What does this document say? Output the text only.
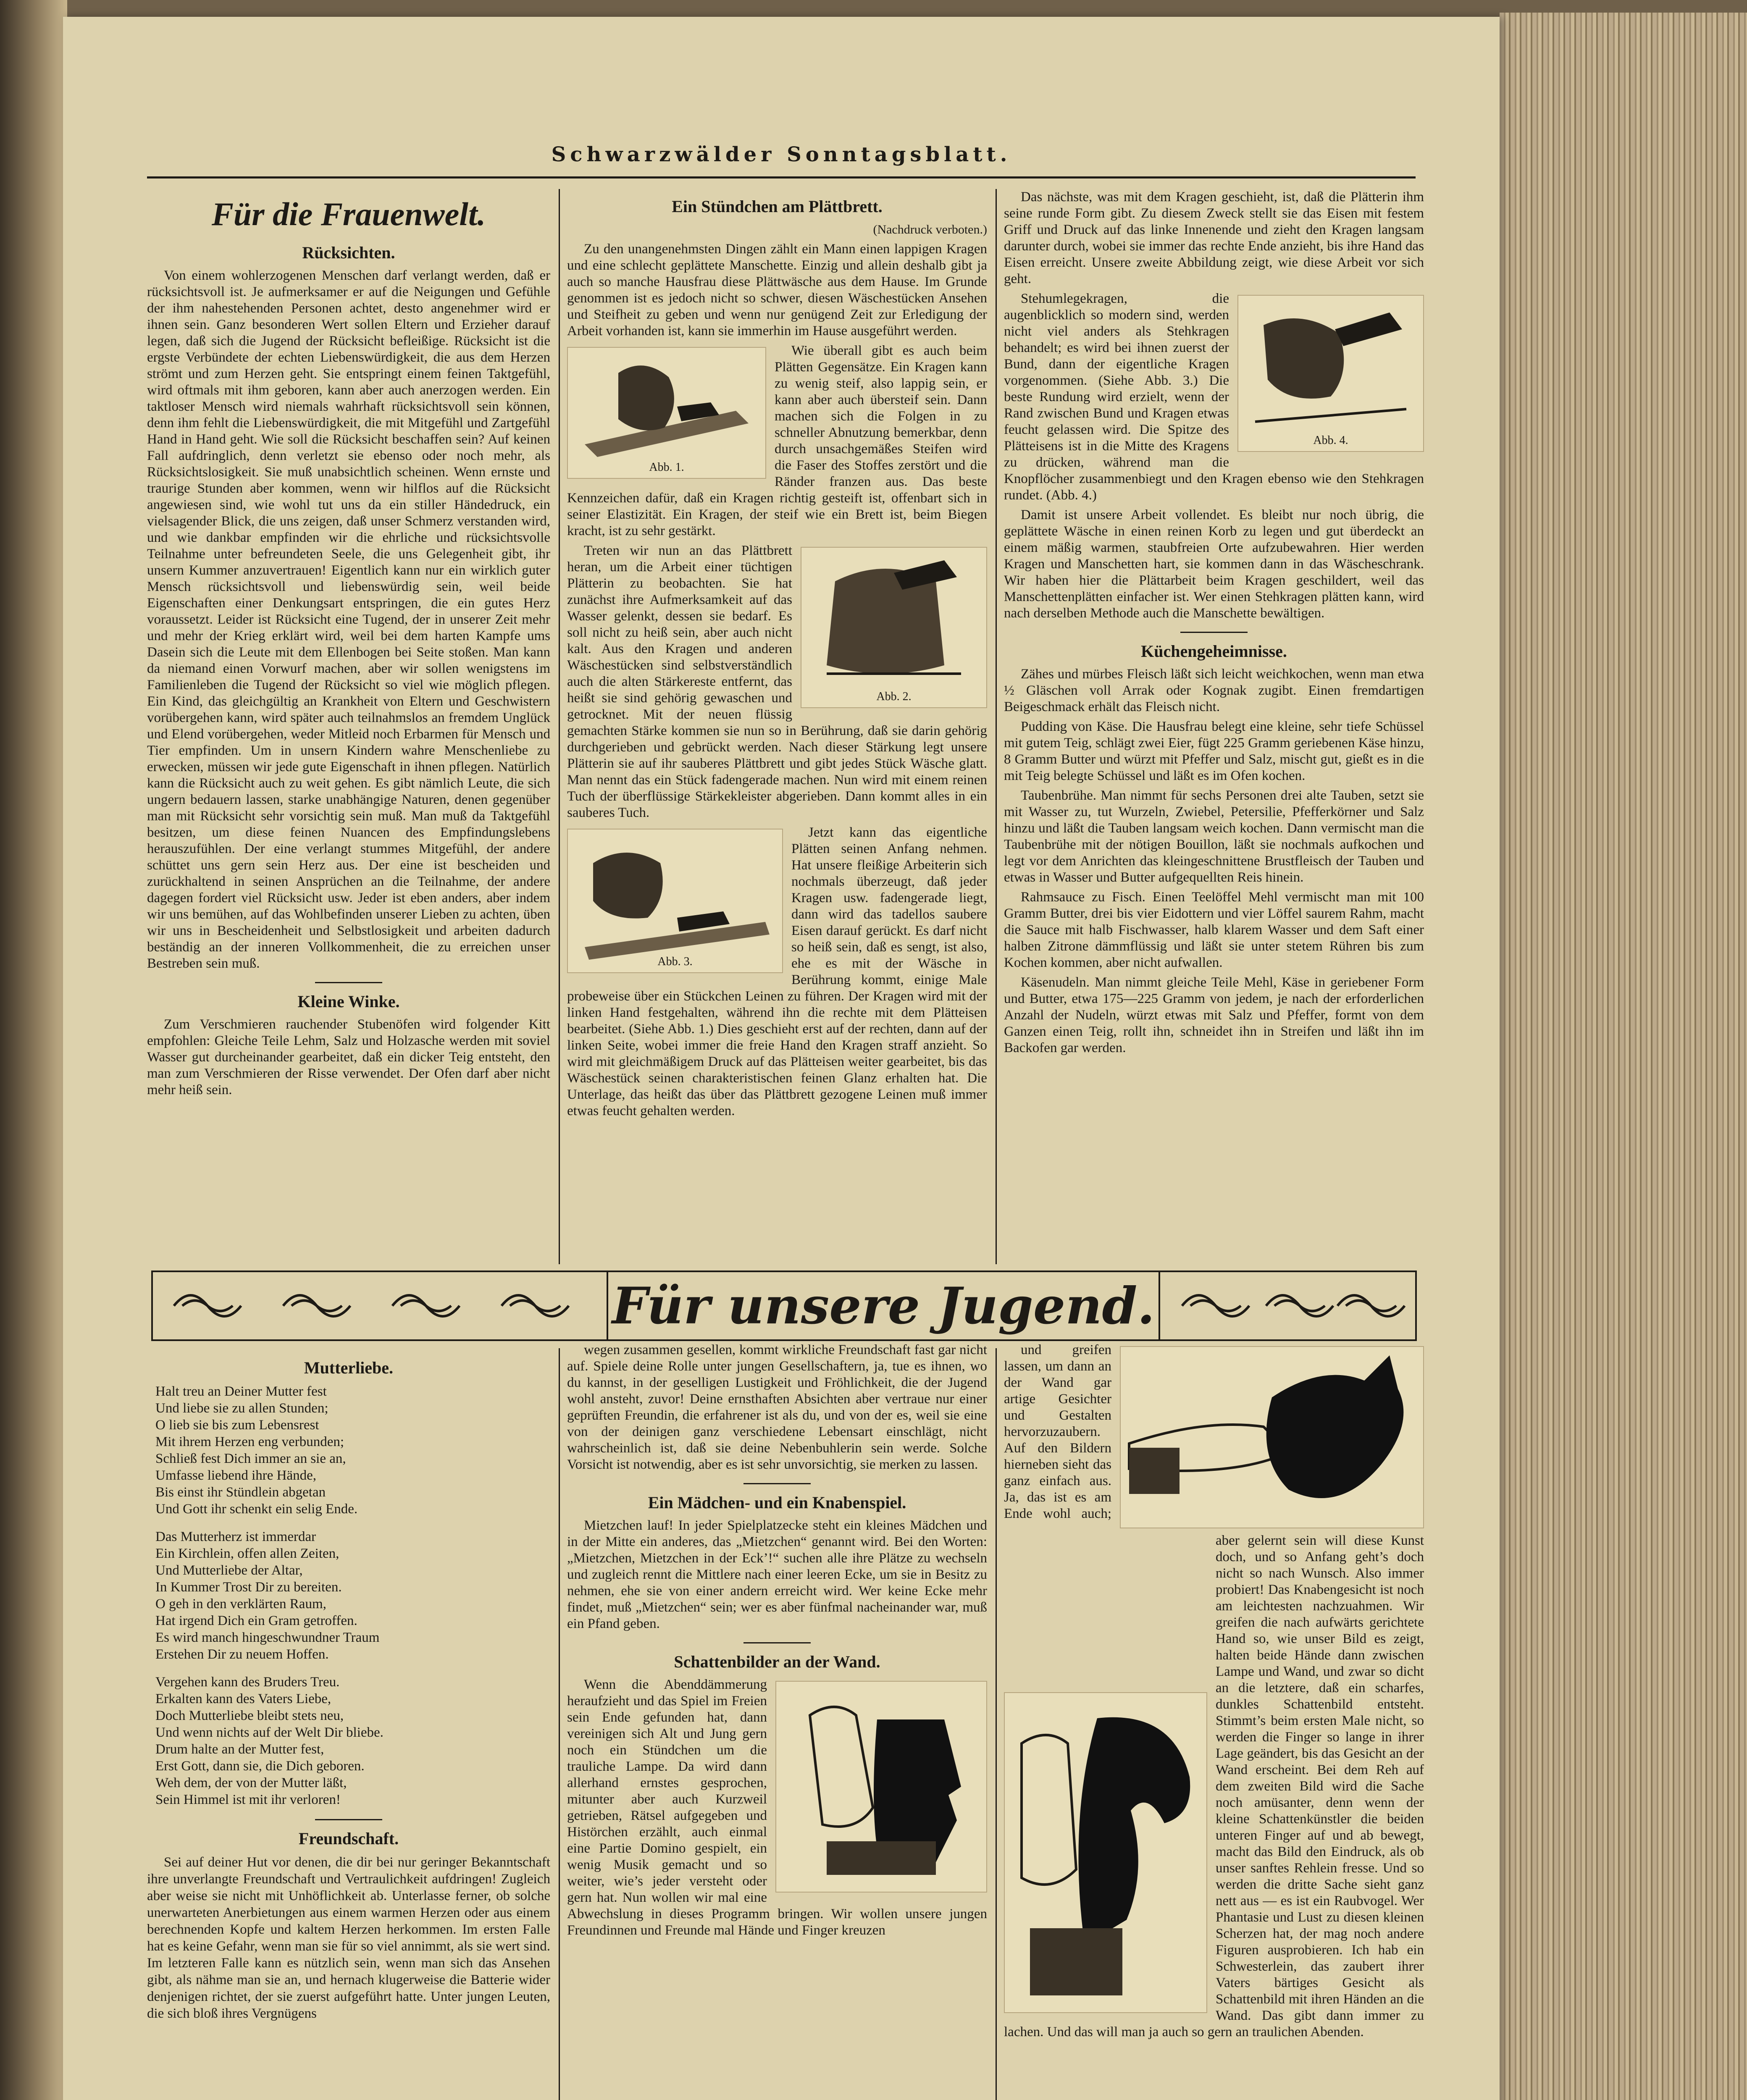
Schwarzwälder Sonntagsblatt.
Für die Frauenwelt.
Rücksichten.

Von einem wohlerzogenen Menschen darf verlangt werden, daß er rücksichtsvoll ist. Je aufmerksamer er auf die Neigungen und Gefühle der ihm nahestehenden Personen achtet, desto angenehmer wird er ihnen sein. Ganz besonderen Wert sollen Eltern und Erzieher darauf legen, daß sich die Jugend der Rücksicht befleißige. Rücksicht ist die ergste Verbündete der echten Liebenswürdigkeit, die aus dem Herzen strömt und zum Herzen geht. Sie entspringt einem feinen Taktgefühl, wird oftmals mit ihm geboren, kann aber auch anerzogen werden. Ein taktloser Mensch wird niemals wahrhaft rücksichtsvoll sein können, denn ihm fehlt die Liebenswürdigkeit, die mit Mitgefühl und Zartgefühl Hand in Hand geht. Wie soll die Rücksicht beschaffen sein? Auf keinen Fall aufdringlich, denn verletzt sie ebenso oder noch mehr, als Rücksichtslosigkeit. Sie muß unabsichtlich scheinen. Wenn ernste und traurige Stunden aber kommen, wenn wir hilflos auf die Rücksicht angewiesen sind, wie wohl tut uns da ein stiller Händedruck, ein vielsagender Blick, die uns zeigen, daß unser Schmerz verstanden wird, und wie dankbar empfinden wir die ehrliche und rücksichtsvolle Teilnahme unter befreundeten Seele, die uns Gelegenheit gibt, ihr unsern Kummer anzuvertrauen! Eigentlich kann nur ein wirklich guter Mensch rücksichtsvoll und liebenswürdig sein, weil beide Eigenschaften einer Denkungsart entspringen, die ein gutes Herz voraussetzt. Leider ist Rücksicht eine Tugend, der in unserer Zeit mehr und mehr der Krieg erklärt wird, weil bei dem harten Kampfe ums Dasein sich die Leute mit dem Ellenbogen bei Seite stoßen. Man kann da niemand einen Vorwurf machen, aber wir sollen wenigstens im Familienleben die Tugend der Rücksicht so viel wie möglich pflegen. Ein Kind, das gleichgültig an Krankheit von Eltern und Geschwistern vorübergehen kann, wird später auch teilnahmslos an fremdem Unglück und Elend vorübergehen, weder Mitleid noch Erbarmen für Mensch und Tier empfinden. Um in unsern Kindern wahre Menschenliebe zu erwecken, müssen wir jede gute Eigenschaft in ihnen pflegen. Natürlich kann die Rücksicht auch zu weit gehen. Es gibt nämlich Leute, die sich ungern bedauern lassen, starke unabhängige Naturen, denen gegenüber man mit Rücksicht sehr vorsichtig sein muß. Man muß da Taktgefühl besitzen, um diese feinen Nuancen des Empfindungslebens herauszufühlen. Der eine verlangt stummes Mitgefühl, der andere schüttet uns gern sein Herz aus. Der eine ist bescheiden und zurückhaltend in seinen Ansprüchen an die Teilnahme, der andere dagegen fordert viel Rücksicht usw. Jeder ist eben anders, aber indem wir uns bemühen, auf das Wohlbefinden unserer Lieben zu achten, üben wir uns in Bescheidenheit und Selbstlosigkeit und arbeiten dadurch beständig an der inneren Vollkommenheit, die zu erreichen unser Bestreben sein muß.

Kleine Winke.

Zum Verschmieren rauchender Stubenöfen wird folgender Kitt empfohlen: Gleiche Teile Lehm, Salz und Holzasche werden mit soviel Wasser gut durcheinander gearbeitet, daß ein dicker Teig entsteht, den man zum Verschmieren der Risse verwendet. Der Ofen darf aber nicht mehr heiß sein.

Ein Stündchen am Plättbrett.
(Nachdruck verboten.)

Zu den unangenehmsten Dingen zählt ein Mann einen lappigen Kragen und eine schlecht geplättete Manschette. Einzig und allein deshalb gibt ja auch so manche Hausfrau diese Plättwäsche aus dem Hause. Im Grunde genommen ist es jedoch nicht so schwer, diesen Wäschestücken Ansehen und Steifheit zu geben und wenn nur genügend Zeit zur Erledigung der Arbeit vorhanden ist, kann sie immerhin im Hause ausgeführt werden.

Abb. 1.

Wie überall gibt es auch beim Plätten Gegensätze. Ein Kragen kann zu wenig steif, also lappig sein, er kann aber auch übersteif sein. Dann machen sich die Folgen in zu schneller Abnutzung bemerkbar, denn durch unsachgemäßes Steifen wird die Faser des Stoffes zerstört und die Ränder franzen aus. Das beste Kennzeichen dafür, daß ein Kragen richtig gesteift ist, offenbart sich in seiner Elastizität. Ein Kragen, der steif wie ein Brett ist, beim Biegen kracht, ist zu sehr gestärkt.

Abb. 2.

Treten wir nun an das Plättbrett heran, um die Arbeit einer tüchtigen Plätterin zu beobachten. Sie hat zunächst ihre Aufmerksamkeit auf das Wasser gelenkt, dessen sie bedarf. Es soll nicht zu heiß sein, aber auch nicht kalt. Aus den Kragen und anderen Wäschestücken sind selbstverständlich auch die alten Stärkereste entfernt, das heißt sie sind gehörig gewaschen und getrocknet. Mit der neuen flüssig gemachten Stärke kommen sie nun so in Berührung, daß sie darin gehörig durchgerieben und gebrückt werden. Nach dieser Stärkung legt unsere Plätterin sie auf ihr sauberes Plättbrett und gibt jedes Stück Wäsche glatt. Man nennt das ein Stück fadengerade machen. Nun wird mit einem reinen Tuch der überflüssige Stärkekleister abgerieben. Dann kommt alles in ein sauberes Tuch.

Abb. 3.

Jetzt kann das eigentliche Plätten seinen Anfang nehmen. Hat unsere fleißige Arbeiterin sich nochmals überzeugt, daß jeder Kragen usw. fadengerade liegt, dann wird das tadellos saubere Eisen darauf gerückt. Es darf nicht so heiß sein, daß es sengt, ist also, ehe es mit der Wäsche in Berührung kommt, einige Male probeweise über ein Stückchen Leinen zu führen. Der Kragen wird mit der linken Hand festgehalten, während ihn die rechte mit dem Plätteisen bearbeitet. (Siehe Abb. 1.) Dies geschieht erst auf der rechten, dann auf der linken Seite, wobei immer die freie Hand den Kragen straff anzieht. So wird mit gleichmäßigem Druck auf das Plätteisen weiter gearbeitet, bis das Wäschestück seinen charakteristischen feinen Glanz erhalten hat. Die Unterlage, das heißt das über das Plättbrett gezogene Leinen muß immer etwas feucht gehalten werden.

Das nächste, was mit dem Kragen geschieht, ist, daß die Plätterin ihm seine runde Form gibt. Zu diesem Zweck stellt sie das Eisen mit festem Griff und Druck auf das linke Innenende und zieht den Kragen langsam darunter durch, wobei sie immer das rechte Ende anzieht, bis ihre Hand das Eisen erreicht. Unsere zweite Abbildung zeigt, wie diese Arbeit vor sich geht.

Abb. 4.

Stehumlegekragen, die augenblicklich so modern sind, werden nicht viel anders als Stehkragen behandelt; es wird bei ihnen zuerst der Bund, dann der eigentliche Kragen vorgenommen. (Siehe Abb. 3.) Die beste Rundung wird erzielt, wenn der Rand zwischen Bund und Kragen etwas feucht gelassen wird. Die Spitze des Plätteisens ist in die Mitte des Kragens zu drücken, während man die Knopflöcher zusammenbiegt und den Kragen ebenso wie den Stehkragen rundet. (Abb. 4.)

Damit ist unsere Arbeit vollendet. Es bleibt nur noch übrig, die geplättete Wäsche in einen reinen Korb zu legen und gut überdeckt an einem mäßig warmen, staubfreien Orte aufzubewahren. Hier werden Kragen und Manschetten hart, sie kommen dann in das Wäscheschrank. Wir haben hier die Plättarbeit beim Kragen geschildert, weil das Manschettenplätten einfacher ist. Wer einen Stehkragen plätten kann, wird nach derselben Methode auch die Manschette bewältigen.

Küchengeheimnisse.

Zähes und mürbes Fleisch läßt sich leicht weichkochen, wenn man etwa ½ Gläschen voll Arrak oder Kognak zugibt. Einen fremdartigen Beigeschmack erhält das Fleisch nicht.

Pudding von Käse. Die Hausfrau belegt eine kleine, sehr tiefe Schüssel mit gutem Teig, schlägt zwei Eier, fügt 225 Gramm geriebenen Käse hinzu, 8 Gramm Butter und würzt mit Pfeffer und Salz, mischt gut, gießt es in die mit Teig belegte Schüssel und läßt es im Ofen kochen.

Taubenbrühe. Man nimmt für sechs Personen drei alte Tauben, setzt sie mit Wasser zu, tut Wurzeln, Zwiebel, Petersilie, Pfefferkörner und Salz hinzu und läßt die Tauben langsam weich kochen. Dann vermischt man die Taubenbrühe mit der nötigen Bouillon, läßt sie nochmals aufkochen und legt vor dem Anrichten das kleingeschnittene Brustfleisch der Tauben und etwas in Wasser und Butter aufgequellten Reis hinein.

Rahmsauce zu Fisch. Einen Teelöffel Mehl vermischt man mit 100 Gramm Butter, drei bis vier Eidottern und vier Löffel saurem Rahm, macht die Sauce mit halb Fischwasser, halb klarem Wasser und dem Saft einer halben Zitrone dämmflüssig und läßt sie unter stetem Rühren bis zum Kochen kommen, aber nicht aufwallen.

Käsenudeln. Man nimmt gleiche Teile Mehl, Käse in geriebener Form und Butter, etwa 175—225 Gramm von jedem, je nach der erforderlichen Anzahl der Nudeln, würzt etwas mit Salz und Pfeffer, formt von dem Ganzen einen Teig, rollt ihn, schneidet ihn in Streifen und läßt ihn im Backofen gar werden.

Für unsere Jugend.
Mutterliebe.
Halt treu an Deiner Mutter fest
Und liebe sie zu allen Stunden;
O lieb sie bis zum Lebensrest
Mit ihrem Herzen eng verbunden;
Schließ fest Dich immer an sie an,
Umfasse liebend ihre Hände,
Bis einst ihr Stündlein abgetan
Und Gott ihr schenkt ein selig Ende.
Das Mutterherz ist immerdar
Ein Kirchlein, offen allen Zeiten,
Und Mutterliebe der Altar,
In Kummer Trost Dir zu bereiten.
O geh in den verklärten Raum,
Hat irgend Dich ein Gram getroffen.
Es wird manch hingeschwundner Traum
Erstehen Dir zu neuem Hoffen.
Vergehen kann des Bruders Treu.
Erkalten kann des Vaters Liebe,
Doch Mutterliebe bleibt stets neu,
Und wenn nichts auf der Welt Dir bliebe.
Drum halte an der Mutter fest,
Erst Gott, dann sie, die Dich geboren.
Weh dem, der von der Mutter läßt,
Sein Himmel ist mit ihr verloren!
Freundschaft.

Sei auf deiner Hut vor denen, die dir bei nur geringer Bekanntschaft ihre unverlangte Freundschaft und Vertraulichkeit aufdringen! Zugleich aber weise sie nicht mit Unhöflichkeit ab. Unterlasse ferner, ob solche unerwarteten Anerbietungen aus einem warmen Herzen oder aus einem berechnenden Kopfe und kaltem Herzen herkommen. Im ersten Falle hat es keine Gefahr, wenn man sie für so viel annimmt, als sie wert sind. Im letzteren Falle kann es nützlich sein, wenn man sich das Ansehen gibt, als nähme man sie an, und hernach klugerweise die Batterie wider denjenigen richtet, der sie zuerst aufgeführt hatte. Unter jungen Leuten, die sich bloß ihres Vergnügens

wegen zusammen gesellen, kommt wirkliche Freundschaft fast gar nicht auf. Spiele deine Rolle unter jungen Gesellschaftern, ja, tue es ihnen, wo du kannst, in der geselligen Lustigkeit und Fröhlichkeit, die der Jugend wohl ansteht, zuvor! Deine ernsthaften Absichten aber vertraue nur einer geprüften Freundin, die erfahrener ist als du, und von der es, weil sie eine von der deinigen ganz verschiedene Lebensart einschlägt, nicht wahrscheinlich ist, daß sie deine Nebenbuhlerin sein werde. Solche Vorsicht ist notwendig, aber es ist sehr unvorsichtig, sie merken zu lassen.

Ein Mädchen- und ein Knabenspiel.

Mietzchen lauf! In jeder Spielplatzecke steht ein kleines Mädchen und in der Mitte ein anderes, das „Mietzchen“ genannt wird. Bei den Worten: „Mietzchen, Mietzchen in der Eck’!“ suchen alle ihre Plätze zu wechseln und zugleich rennt die Mittlere nach einer leeren Ecke, um sie in Besitz zu nehmen, ehe sie von einer andern erreicht wird. Wer keine Ecke mehr findet, muß „Mietzchen“ sein; wer es aber fünfmal nacheinander war, muß ein Pfand geben.

Schattenbilder an der Wand.

Wenn die Abenddämmerung heraufzieht und das Spiel im Freien sein Ende gefunden hat, dann vereinigen sich Alt und Jung gern noch ein Stündchen um die trauliche Lampe. Da wird dann allerhand ernstes gesprochen, mitunter aber auch Kurzweil getrieben, Rätsel aufgegeben und Histörchen erzählt, auch einmal eine Partie Domino gespielt, ein wenig Musik gemacht und so weiter, wie’s jeder versteht oder gern hat. Nun wollen wir mal eine Abwechslung in dieses Programm bringen. Wir wollen unsere jungen Freundinnen und Freunde mal Hände und Finger kreuzen

und greifen lassen, um dann an der Wand gar artige Gesichter und Gestalten hervorzuzaubern. Auf den Bildern hierneben sieht das ganz einfach aus. Ja, das ist es am Ende wohl auch; aber gelernt sein will diese Kunst doch, und so Anfang geht’s doch nicht so nach Wunsch. Also immer probiert! Das Knabengesicht ist noch am leichtesten nachzuahmen. Wir greifen die nach aufwärts gerichtete Hand so, wie unser Bild es zeigt, halten beide Hände dann zwischen Lampe und Wand, und zwar so dicht an die letztere, daß ein scharfes, dunkles Schattenbild entsteht. Stimmt’s beim ersten Male nicht, so werden die Finger so lange in ihrer Lage geändert, bis das Gesicht an der Wand erscheint. Bei dem Reh auf dem zweiten Bild wird die Sache noch amüsanter, denn wenn der kleine Schattenkünstler die beiden unteren Finger auf und ab bewegt, macht das Bild den Eindruck, als ob unser sanftes Rehlein fresse. Und so werden die dritte Sache sieht ganz nett aus — es ist ein Raubvogel. Wer Phantasie und Lust zu diesen kleinen Scherzen hat, der mag noch andere Figuren ausprobieren. Ich hab ein Schwesterlein, das zaubert ihrer Vaters bärtiges Gesicht als Schattenbild mit ihren Händen an die Wand. Das gibt dann immer zu lachen. Und das will man ja auch so gern an traulichen Abenden.
